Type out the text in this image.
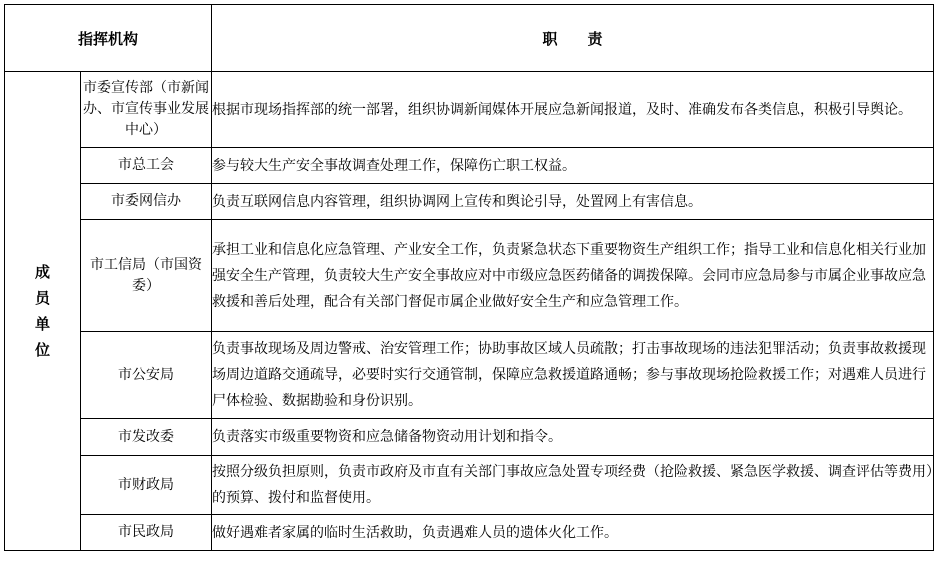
指挥机构		职　　责
成员单位	市委宣传部（市新闻办、市宣传事业发展中心）	根据市现场指挥部的统一部署，组织协调新闻媒体开展应急新闻报道，及时、准确发布各类信息，积极引导舆论。
	市总工会	参与较大生产安全事故调查处理工作，保障伤亡职工权益。
	市委网信办	负责互联网信息内容管理，组织协调网上宣传和舆论引导，处置网上有害信息。
	市工信局（市国资委）	承担工业和信息化应急管理、产业安全工作，负责紧急状态下重要物资生产组织工作；指导工业和信息化相关行业加强安全生产管理，负责较大生产安全事故应对中市级应急医药储备的调拨保障。会同市应急局参与市属企业事故应急救援和善后处理，配合有关部门督促市属企业做好安全生产和应急管理工作。
	市公安局	负责事故现场及周边警戒、治安管理工作；协助事故区域人员疏散；打击事故现场的违法犯罪活动；负责事故救援现场周边道路交通疏导，必要时实行交通管制，保障应急救援道路通畅；参与事故现场抢险救援工作；对遇难人员进行尸体检验、数据勘验和身份识别。
	市发改委	负责落实市级重要物资和应急储备物资动用计划和指令。
	市财政局	按照分级负担原则，负责市政府及市直有关部门事故应急处置专项经费（抢险救援、紧急医学救援、调查评估等费用）的预算、拨付和监督使用。
	市民政局	做好遇难者家属的临时生活救助，负责遇难人员的遗体火化工作。
